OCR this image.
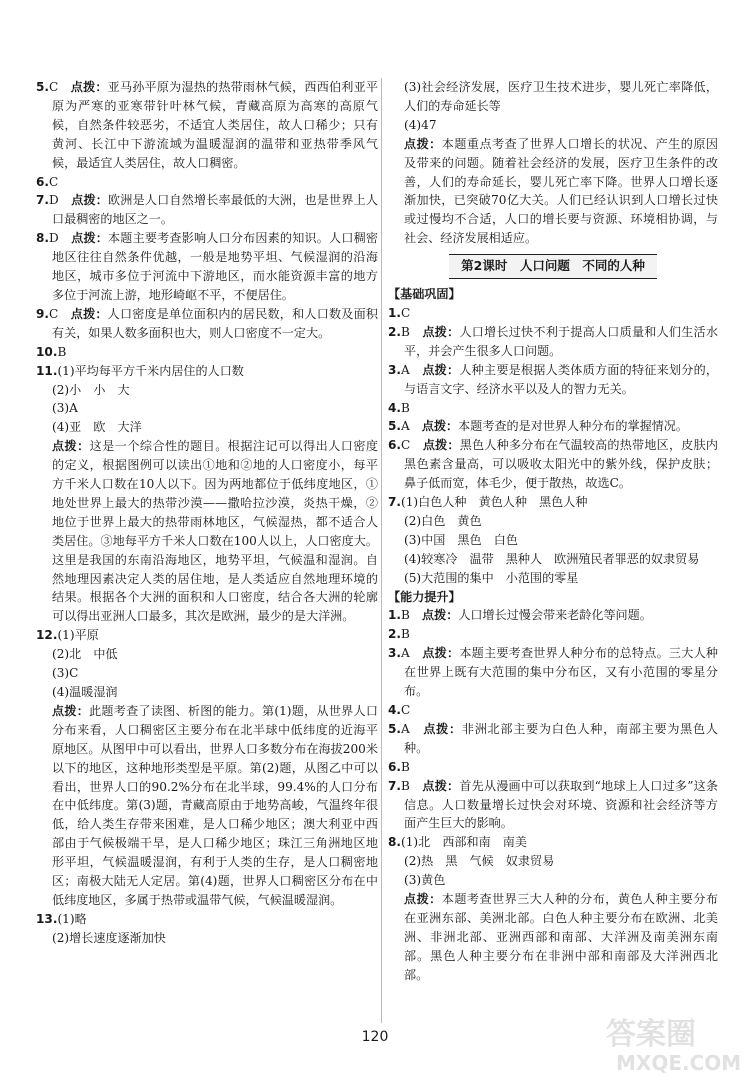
5.C　 点拨：亚马孙平原为湿热的热带雨林气候，西西伯利亚平原为严寒的亚寒带针叶林气候，青藏高原为高寒的高原气候，自然条件较恶劣，不适宜人类居住，故人口稀少；只有黄河、长江中下游流域为温暖湿润的温带和亚热带季风气候，最适宜人类居住，故人口稠密。
6.C
7.D　 点拨：欧洲是人口自然增长率最低的大洲，也是世界上人口最稠密的地区之一。
8.D　 点拨：本题主要考查影响人口分布因素的知识。人口稠密地区往往自然条件优越，一般是地势平坦、气候湿润的沿海地区，城市多位于河流中下游地区，而水能资源丰富的地方多位于河流上游，地形崎岖不平，不便居住。
9.C　 点拨：人口密度是单位面积内的居民数，和人口数及面积有关，如果人数多面积也大，则人口密度不一定大。
10.B
11.(1)平均每平方千米内居住的人口数
(2)小　小　大
(3)A
(4)亚　欧　大洋
点拨：这是一个综合性的题目。根据注记可以得出人口密度的定义，根据图例可以读出①地和②地的人口密度小，每平方千米人口数在10人以下。因为两地都位于低纬度地区，①地处世界上最大的热带沙漠——撒哈拉沙漠，炎热干燥，②地位于世界上最大的热带雨林地区，气候湿热，都不适合人类居住。③地每平方千米人口数在100人以上，人口密度大。这里是我国的东南沿海地区，地势平坦，气候温和湿润。自然地理因素决定人类的居住地，是人类适应自然地理环境的结果。根据各个大洲的面积和人口密度，结合各大洲的轮廓可以得出亚洲人口最多，其次是欧洲，最少的是大洋洲。
12.(1)平原
(2)北　中低
(3)C
(4)温暖湿润
点拨：此题考查了读图、析图的能力。第(1)题，从世界人口分布来看，人口稠密区主要分布在北半球中低纬度的近海平原地区。从图甲中可以看出，世界人口多数分布在海拔200米以下的地区，这种地形类型是平原。第(2)题，从图乙中可以看出，世界人口的90.2%分布在北半球，99.4%的人口分布在中低纬度。第(3)题，青藏高原由于地势高峻，气温终年很低，给人类生存带来困难，是人口稀少地区；澳大利亚中西部由于气候极端干旱，是人口稀少地区；珠江三角洲地区地形平坦，气候温暖湿润，有利于人类的生存，是人口稠密地区；南极大陆无人定居。第(4)题，世界人口稠密区分布在中低纬度地区，多属于热带或温带气候，气候温暖湿润。
13.(1)略
(2)增长速度逐渐加快
(3)社会经济发展，医疗卫生技术进步，婴儿死亡率降低，人们的寿命延长等
(4)47
点拨：本题重点考查了世界人口增长的状况、产生的原因及带来的问题。随着社会经济的发展，医疗卫生条件的改善，人们的寿命延长，婴儿死亡率下降。世界人口增长逐渐加快，已突破70亿大关。人们已经认识到人口增长过快或过慢均不合适，人口的增长要与资源、环境相协调，与社会、经济发展相适应。
第2课时　人口问题　不同的人种
【基础巩固】
1.C
2.B　 点拨：人口增长过快不利于提高人口质量和人们生活水平，并会产生很多人口问题。
3.A　 点拨：人种主要是根据人类体质方面的特征来划分的，与语言文字、经济水平以及人的智力无关。
4.B
5.A　 点拨：本题考查的是对世界人种分布的掌握情况。
6.C　 点拨：黑色人种多分布在气温较高的热带地区，皮肤内黑色素含量高，可以吸收太阳光中的紫外线，保护皮肤；鼻子低而宽，体毛少，便于散热，故选C。
7.(1)白色人种　黄色人种　黑色人种
(2)白色　黄色
(3)中国　黑色　白色
(4)较寒冷　温带　黑种人　欧洲殖民者罪恶的奴隶贸易
(5)大范围的集中　小范围的零星
【能力提升】
1.B　 点拨：人口增长过慢会带来老龄化等问题。
2.B
3.A　 点拨：本题主要考查世界人种分布的总特点。三大人种在世界上既有大范围的集中分布区，又有小范围的零星分布。
4.C
5.A　 点拨：非洲北部主要为白色人种，南部主要为黑色人种。
6.B
7.B　 点拨：首先从漫画中可以获取到“地球上人口过多”这条信息。人口数量增长过快会对环境、资源和社会经济等方面产生巨大的影响。
8.(1)北　西部和南　南美
(2)热　黑　气候　奴隶贸易
(3)黄色
点拨：本题考查世界三大人种的分布，黄色人种主要分布在亚洲东部、美洲北部。白色人种主要分布在欧洲、北美洲、非洲北部、亚洲西部和南部、大洋洲及南美洲东南部。黑色人种主要分布在非洲中部和南部及大洋洲西北部。
120	答案圈
MXQE.COM
